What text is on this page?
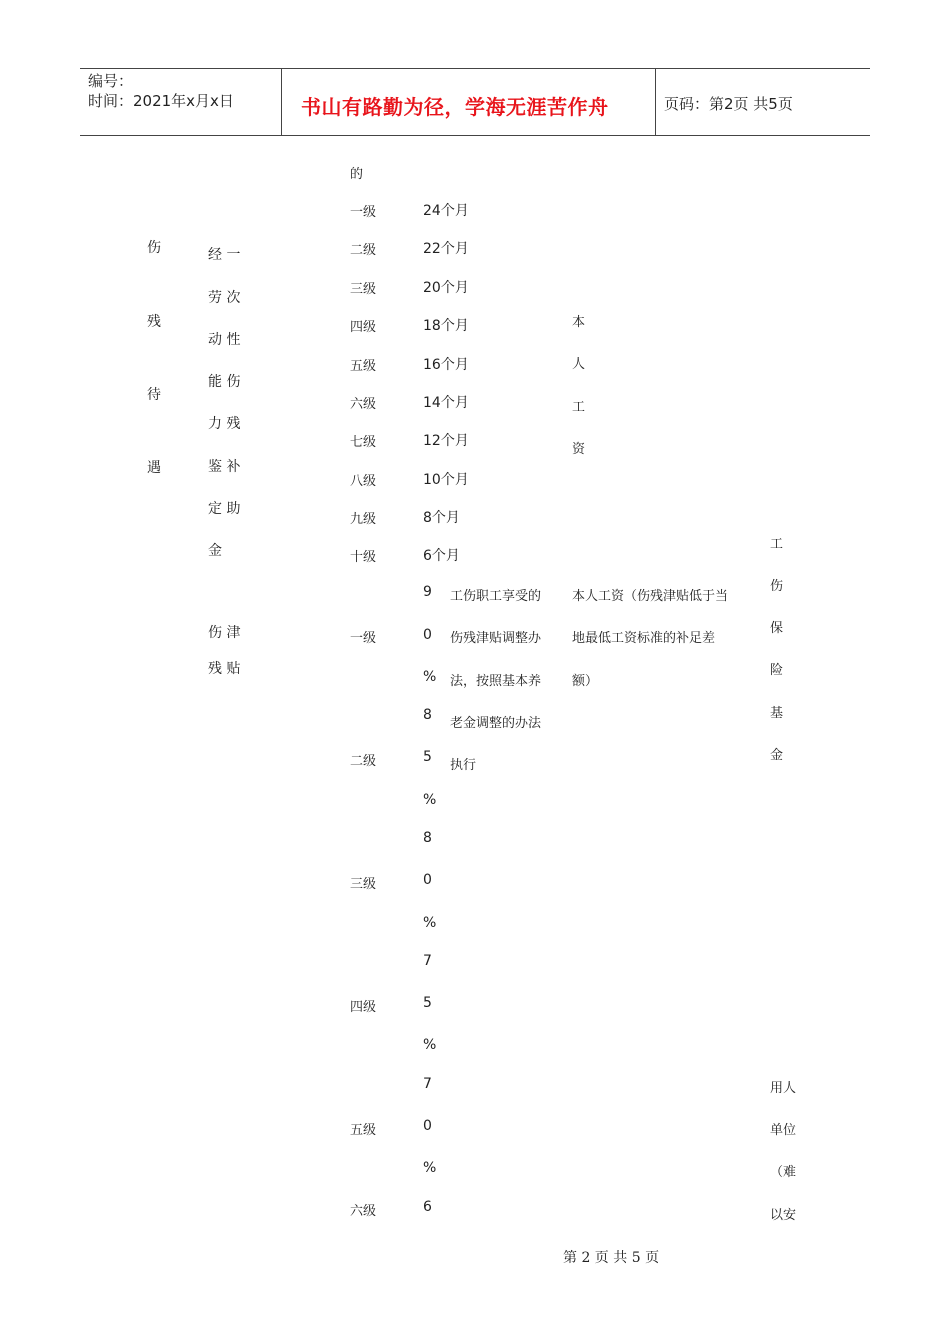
编号：
时间：2021年x月x日	书山有路勤为径，学海无涯苦作舟	页码：第2页 共5页
伤
残
待
遇
经 一
劳 次
动 性
能 伤
力 残
鉴 补
定 助
金
伤 津
残 贴
的
一级
二级
三级
四级
五级
六级
七级
八级
九级
十级
24个月
22个月
20个月
18个月
16个月
14个月
12个月
10个月
8个月
6个月
本
人
工
资
工
伤
保
险
基
金
一级
二级
三级
四级
五级
六级
9
0
%
8
5
%
8
0
%
7
5
%
7
0
%
6
工伤职工享受的
伤残津贴调整办
法，按照基本养
老金调整的办法
执行
本人工资（伤残津贴低于当
地最低工资标准的补足差
额）
用人
单位
（难
以安
第 2 页 共 5 页
